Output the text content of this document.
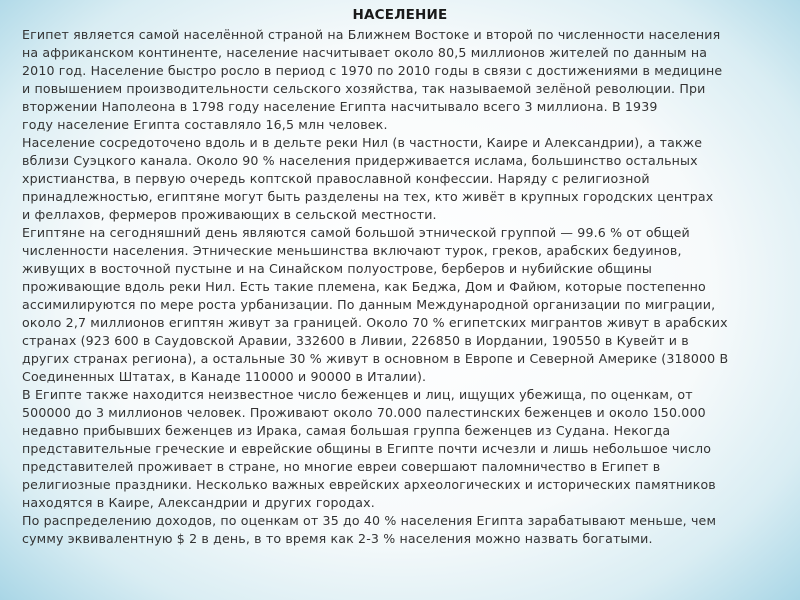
НАСЕЛЕНИЕ
Египет является самой населённой страной на Ближнем Востоке и второй по численности населения
на африканском континенте, население насчитывает около 80,5 миллионов жителей по данным на
2010 год. Население быстро росло в период с 1970 по 2010 годы в связи с достижениями в медицине
и повышением производительности сельского хозяйства, так называемой зелёной революции. При
вторжении Наполеона в 1798 году население Египта насчитывало всего 3 миллиона. В 1939
году население Египта составляло 16,5 млн человек.
Население сосредоточено вдоль и в дельте реки Нил (в частности, Каире и Александрии), а также
вблизи Суэцкого канала. Около 90 % населения придерживается ислама, большинство остальных
христианства, в первую очередь коптской православной конфессии. Наряду с религиозной
принадлежностью, египтяне могут быть разделены на тех, кто живёт в крупных городских центрах
и феллахов, фермеров проживающих в сельской местности.
Египтяне на сегодняшний день являются самой большой этнической группой — 99.6 % от общей
численности населения. Этнические меньшинства включают турок, греков, арабских бедуинов,
живущих в восточной пустыне и на Синайском полуострове, берберов и нубийские общины
проживающие вдоль реки Нил. Есть такие племена, как Беджа, Дом и Файюм, которые постепенно
ассимилируются по мере роста урбанизации. По данным Международной организации по миграции,
около 2,7 миллионов египтян живут за границей. Около 70 % египетских мигрантов живут в арабских
странах (923 600 в Саудовской Аравии, 332600 в Ливии, 226850 в Иордании, 190550 в Кувейт и в
других странах региона), а остальные 30 % живут в основном в Европе и Северной Америке (318000 В
Соединенных Штатах, в Канаде 110000 и 90000 в Италии).
В Египте также находится неизвестное число беженцев и лиц, ищущих убежища, по оценкам, от
500000 до 3 миллионов человек. Проживают около 70.000 палестинских беженцев и около 150.000
недавно прибывших беженцев из Ирака, самая большая группа беженцев из Судана. Некогда
представительные греческие и еврейские общины в Египте почти исчезли и лишь небольшое число
представителей проживает в стране, но многие евреи совершают паломничество в Египет в
религиозные праздники. Несколько важных еврейских археологических и исторических памятников
находятся в Каире, Александрии и других городах.
По распределению доходов, по оценкам от 35 до 40 % населения Египта зарабатывают меньше, чем
сумму эквивалентную $ 2 в день, в то время как 2-3 % населения можно назвать богатыми.
